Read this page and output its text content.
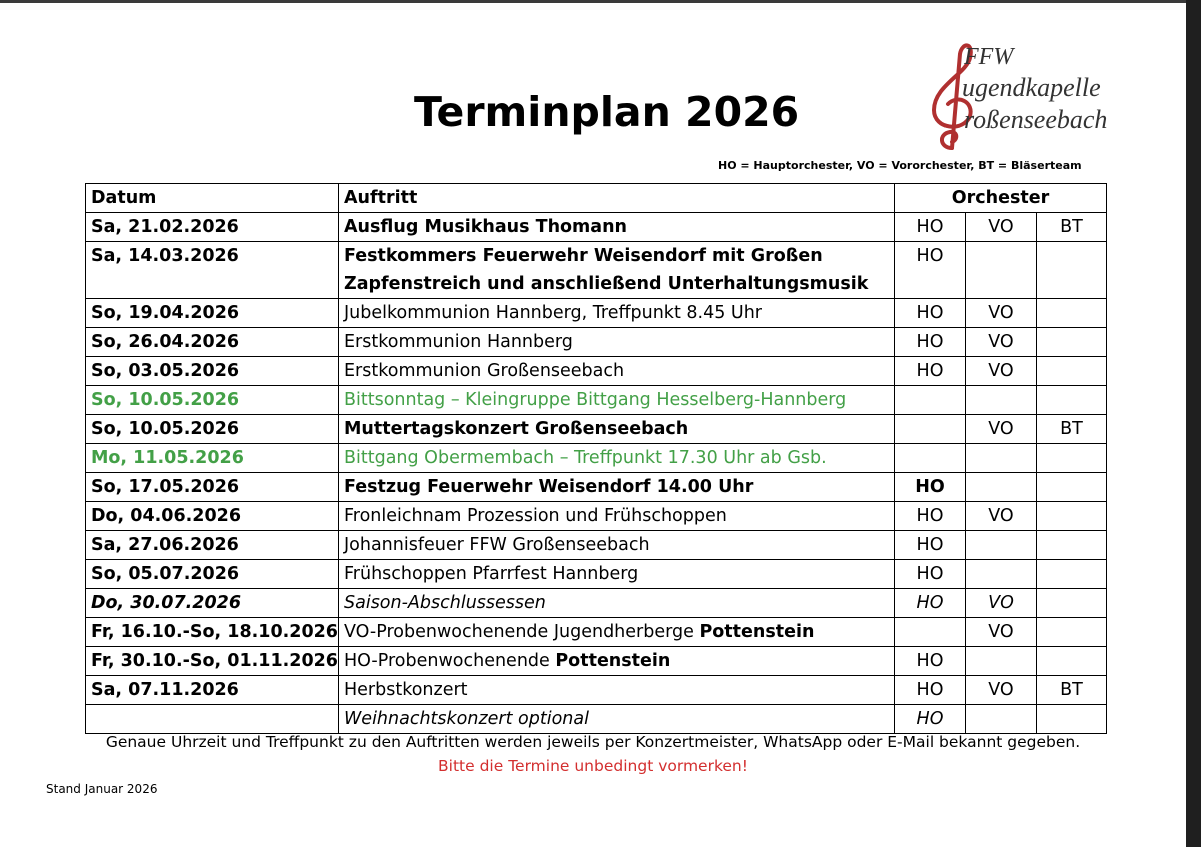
Terminplan 2026
FFW
ugendkapelle
roßenseebach
HO = Hauptorchester, VO = Vororchester, BT = Bläserteam
Datum	Auftritt	Orchester		
Sa, 21.02.2026	Ausflug Musikhaus Thomann	HO	VO	BT
Sa, 14.03.2026	Festkommers Feuerwehr Weisendorf mit Großen
Zapfenstreich und anschließend Unterhaltungsmusik	HO		
So, 19.04.2026	Jubelkommunion Hannberg, Treffpunkt 8.45 Uhr	HO	VO	
So, 26.04.2026	Erstkommunion Hannberg	HO	VO	
So, 03.05.2026	Erstkommunion Großenseebach	HO	VO	
So, 10.05.2026	Bittsonntag – Kleingruppe Bittgang Hesselberg-Hannberg			
So, 10.05.2026	Muttertagskonzert Großenseebach		VO	BT
Mo, 11.05.2026	Bittgang Obermembach – Treffpunkt 17.30 Uhr ab Gsb.			
So, 17.05.2026	Festzug Feuerwehr Weisendorf 14.00 Uhr	HO		
Do, 04.06.2026	Fronleichnam Prozession und Frühschoppen	HO	VO	
Sa, 27.06.2026	Johannisfeuer FFW Großenseebach	HO		
So, 05.07.2026	Frühschoppen Pfarrfest Hannberg	HO		
Do, 30.07.2026	Saison-Abschlussessen	HO	VO	
Fr, 16.10.-So, 18.10.2026	VO-Probenwochenende Jugendherberge Pottenstein		VO	
Fr, 30.10.-So, 01.11.2026	HO-Probenwochenende Pottenstein	HO		
Sa, 07.11.2026	Herbstkonzert	HO	VO	BT
	Weihnachtskonzert optional	HO		
Genaue Uhrzeit und Treffpunkt zu den Auftritten werden jeweils per Konzertmeister, WhatsApp oder E-Mail bekannt gegeben.
Bitte die Termine unbedingt vormerken!
Stand Januar 2026
